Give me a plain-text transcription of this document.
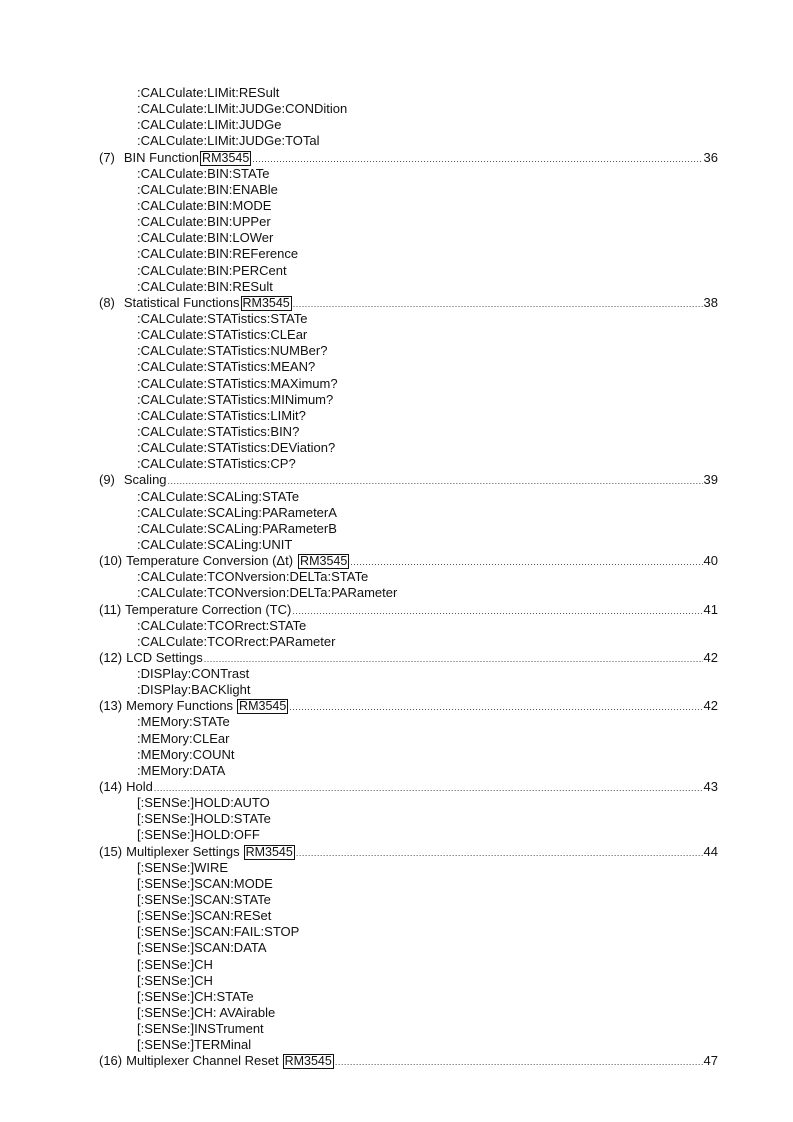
:CALCulate:LIMit:RESult
:CALCulate:LIMit:JUDGe:CONDition
:CALCulate:LIMit:JUDGe
:CALCulate:LIMit:JUDGe:TOTal
(7) BIN Function RM3545 .....	36
:CALCulate:BIN:STATe
:CALCulate:BIN:ENABle
:CALCulate:BIN:MODE
:CALCulate:BIN:UPPer
:CALCulate:BIN:LOWer
:CALCulate:BIN:REFerence
:CALCulate:BIN:PERCent
:CALCulate:BIN:RESult
(8) Statistical Functions RM3545 .....	38
:CALCulate:STATistics:STATe
:CALCulate:STATistics:CLEar
:CALCulate:STATistics:NUMBer?
:CALCulate:STATistics:MEAN?
:CALCulate:STATistics:MAXimum?
:CALCulate:STATistics:MINimum?
:CALCulate:STATistics:LIMit?
:CALCulate:STATistics:BIN?
:CALCulate:STATistics:DEViation?
:CALCulate:STATistics:CP?
(9) Scaling .....	39
:CALCulate:SCALing:STATe
:CALCulate:SCALing:PARameterA
:CALCulate:SCALing:PARameterB
:CALCulate:SCALing:UNIT
(10) Temperature Conversion (Δt) RM3545 .....	40
:CALCulate:TCONversion:DELTa:STATe
:CALCulate:TCONversion:DELTa:PARameter
(11) Temperature Correction (TC) .....	41
:CALCulate:TCORrect:STATe
:CALCulate:TCORrect:PARameter
(12) LCD Settings .....	42
:DISPlay:CONTrast
:DISPlay:BACKlight
(13) Memory Functions RM3545 .....	42
:MEMory:STATe
:MEMory:CLEar
:MEMory:COUNt
:MEMory:DATA
(14) Hold .....	43
[:SENSe:]HOLD:AUTO
[:SENSe:]HOLD:STATe
[:SENSe:]HOLD:OFF
(15) Multiplexer Settings RM3545 .....	44
[:SENSe:]WIRE
[:SENSe:]SCAN:MODE
[:SENSe:]SCAN:STATe
[:SENSe:]SCAN:RESet
[:SENSe:]SCAN:FAIL:STOP
[:SENSe:]SCAN:DATA
[:SENSe:]CH
[:SENSe:]CH
[:SENSe:]CH:STATe
[:SENSe:]CH: AVAirable
[:SENSe:]INSTrument
[:SENSe:]TERMinal
(16) Multiplexer Channel Reset RM3545 .....	47
